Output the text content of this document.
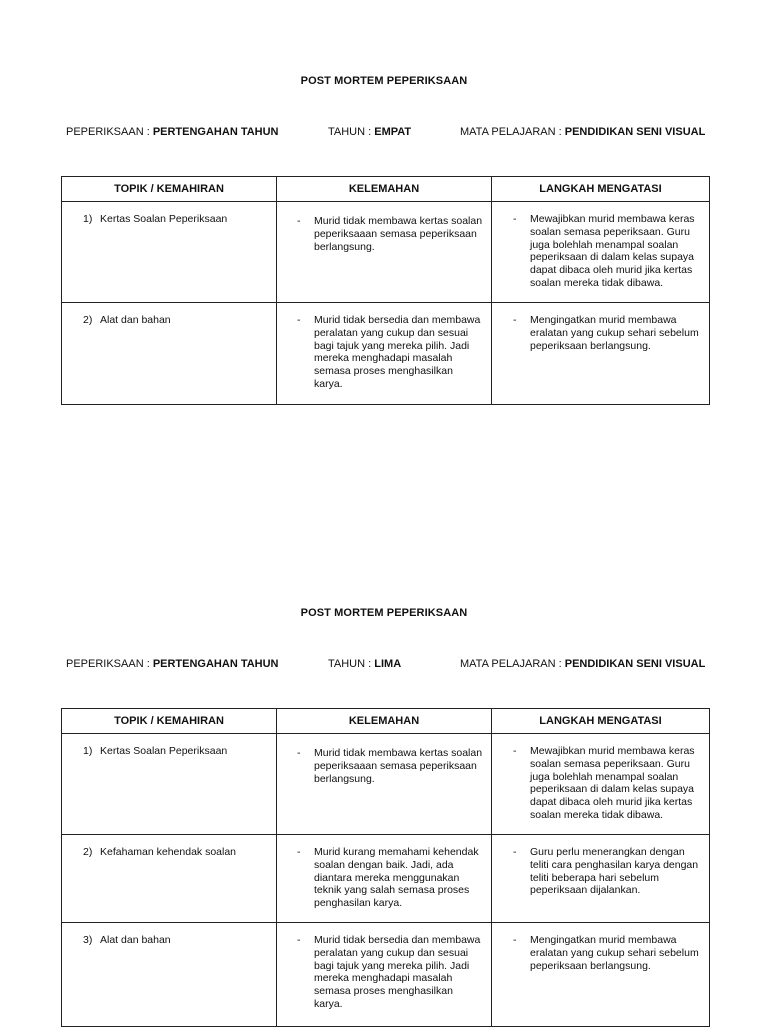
POST MORTEM PEPERIKSAAN
PEPERIKSAAN : PERTENGAHAN TAHUN	TAHUN : EMPAT	MATA PELAJARAN : PENDIDIKAN SENI VISUAL
TOPIK / KEMAHIRAN	KELEMAHAN	LANGKAH MENGATASI

1) Kertas Soalan Peperiksaan	- Murid tidak membawa kertas soalan peperiksaaan semasa peperiksaan berlangsung.	- Mewajibkan murid membawa keras soalan semasa peperiksaan. Guru juga bolehlah menampal soalan peperiksaan di dalam kelas supaya dapat dibaca oleh murid jika kertas soalan mereka tidak dibawa.

2) Alat dan bahan	- Murid tidak bersedia dan membawa peralatan yang cukup dan sesuai bagi tajuk yang mereka pilih. Jadi mereka menghadapi masalah semasa proses menghasilkan karya.	- Mengingatkan murid membawa eralatan yang cukup sehari sebelum peperiksaan berlangsung.
POST MORTEM PEPERIKSAAN
PEPERIKSAAN : PERTENGAHAN TAHUN	TAHUN : LIMA	MATA PELAJARAN : PENDIDIKAN SENI VISUAL
TOPIK / KEMAHIRAN	KELEMAHAN	LANGKAH MENGATASI

1) Kertas Soalan Peperiksaan	- Murid tidak membawa kertas soalan peperiksaaan semasa peperiksaan berlangsung.	- Mewajibkan murid membawa keras soalan semasa peperiksaan. Guru juga bolehlah menampal soalan peperiksaan di dalam kelas supaya dapat dibaca oleh murid jika kertas soalan mereka tidak dibawa.

2) Kefahaman kehendak soalan	- Murid kurang memahami kehendak soalan dengan baik. Jadi, ada diantara mereka menggunakan teknik yang salah semasa proses penghasilan karya.	- Guru perlu menerangkan dengan teliti cara penghasilan karya dengan teliti beberapa hari sebelum peperiksaan dijalankan.

3) Alat dan bahan	- Murid tidak bersedia dan membawa peralatan yang cukup dan sesuai bagi tajuk yang mereka pilih. Jadi mereka menghadapi masalah semasa proses menghasilkan karya.	- Mengingatkan murid membawa eralatan yang cukup sehari sebelum peperiksaan berlangsung.
